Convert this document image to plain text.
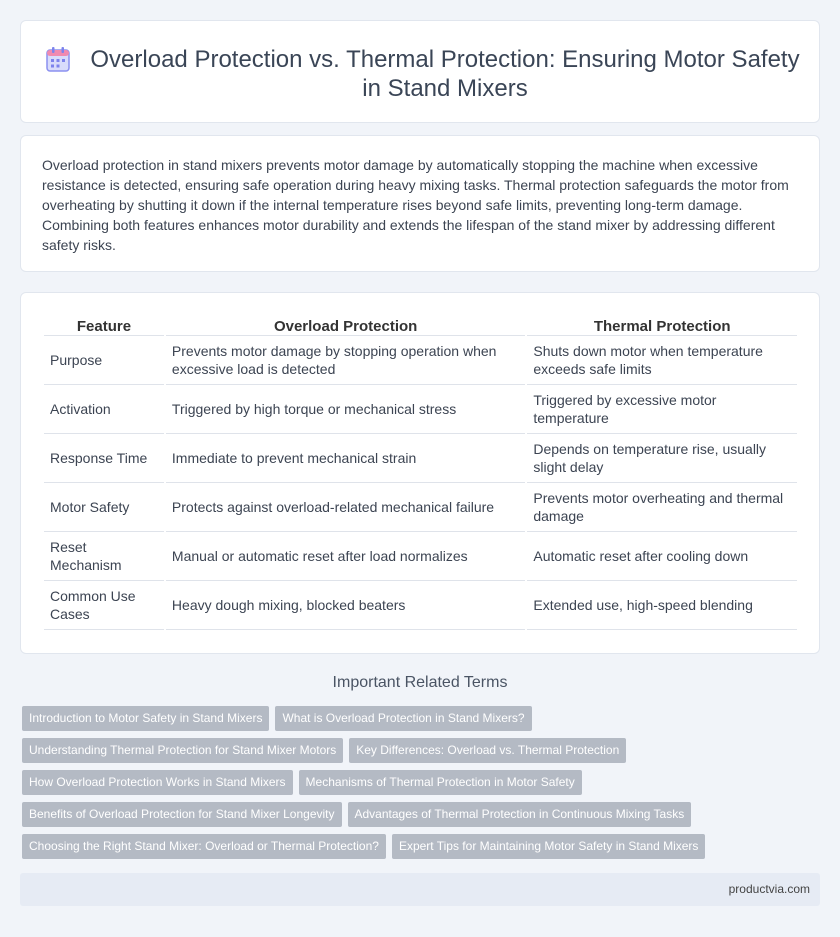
Overload Protection vs. Thermal Protection: Ensuring Motor Safety in Stand Mixers

Overload protection in stand mixers prevents motor damage by automatically stopping the machine when excessive resistance is detected, ensuring safe operation during heavy mixing tasks. Thermal protection safeguards the motor from overheating by shutting it down if the internal temperature rises beyond safe limits, preventing long-term damage. Combining both features enhances motor durability and extends the lifespan of the stand mixer by addressing different safety risks.

Feature	Overload Protection	Thermal Protection
Purpose	Prevents motor damage by stopping operation when excessive load is detected	Shuts down motor when temperature exceeds safe limits
Activation	Triggered by high torque or mechanical stress	Triggered by excessive motor temperature
Response Time	Immediate to prevent mechanical strain	Depends on temperature rise, usually slight delay
Motor Safety	Protects against overload-related mechanical failure	Prevents motor overheating and thermal damage
Reset Mechanism	Manual or automatic reset after load normalizes	Automatic reset after cooling down
Common Use Cases	Heavy dough mixing, blocked beaters	Extended use, high-speed blending
Important Related Terms
Introduction to Motor Safety in Stand Mixers	What is Overload Protection in Stand Mixers?
Understanding Thermal Protection for Stand Mixer Motors	Key Differences: Overload vs. Thermal Protection
How Overload Protection Works in Stand Mixers	Mechanisms of Thermal Protection in Motor Safety
Benefits of Overload Protection for Stand Mixer Longevity	Advantages of Thermal Protection in Continuous Mixing Tasks
Choosing the Right Stand Mixer: Overload or Thermal Protection?	Expert Tips for Maintaining Motor Safety in Stand Mixers
productvia.com
